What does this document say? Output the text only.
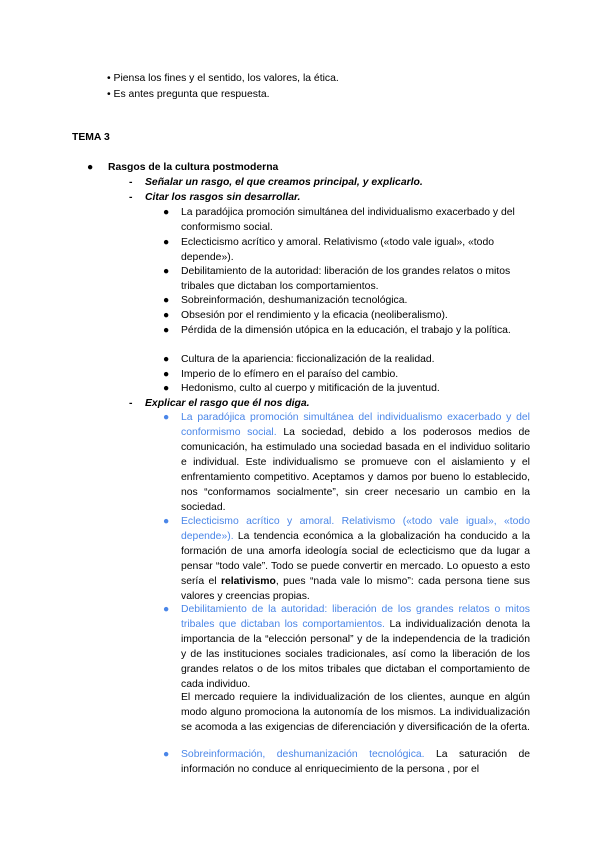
• Piensa los fines y el sentido, los valores, la ética.
• Es antes pregunta que respuesta.
TEMA 3
● Rasgos de la cultura postmoderna
- Señalar un rasgo, el que creamos principal, y explicarlo.
- Citar los rasgos sin desarrollar.
● La paradójica promoción simultánea del individualismo exacerbado y del conformismo social.
● Eclecticismo acrítico y amoral. Relativismo («todo vale igual», «todo depende»).
● Debilitamiento de la autoridad: liberación de los grandes relatos o mitos tribales que dictaban los comportamientos.
● Sobreinformación, deshumanización tecnológica.
● Obsesión por el rendimiento y la eficacia (neoliberalismo).
● Pérdida de la dimensión utópica en la educación, el trabajo y la política.
● Cultura de la apariencia: ficcionalización de la realidad.
● Imperio de lo efímero en el paraíso del cambio.
● Hedonismo, culto al cuerpo y mitificación de la juventud.
- Explicar el rasgo que él nos diga.
● La paradójica promoción simultánea del individualismo exacerbado y del conformismo social. La sociedad, debido a los poderosos medios de comunicación, ha estimulado una sociedad basada en el individuo solitario e individual. Este individualismo se promueve con el aislamiento y el enfrentamiento competitivo. Aceptamos y damos por bueno lo establecido, nos “conformamos socialmente”, sin creer necesario un cambio en la sociedad.
● Eclecticismo acrítico y amoral. Relativismo («todo vale igual», «todo depende»). La tendencia económica a la globalización ha conducido a la formación de una amorfa ideología social de eclecticismo que da lugar a pensar “todo vale”. Todo se puede convertir en mercado. Lo opuesto a esto sería el relativismo, pues “nada vale lo mismo”: cada persona tiene sus valores y creencias propias.
● Debilitamiento de la autoridad: liberación de los grandes relatos o mitos tribales que dictaban los comportamientos. La individualización denota la importancia de la “elección personal” y de la independencia de la tradición y de las instituciones sociales tradicionales, así como la liberación de los grandes relatos o de los mitos tribales que dictaban el comportamiento de cada individuo.
El mercado requiere la individualización de los clientes, aunque en algún modo alguno promociona la autonomía de los mismos. La individualización se acomoda a las exigencias de diferenciación y diversificación de la oferta.
● Sobreinformación, deshumanización tecnológica. La saturación de información no conduce al enriquecimiento de la persona , por el
